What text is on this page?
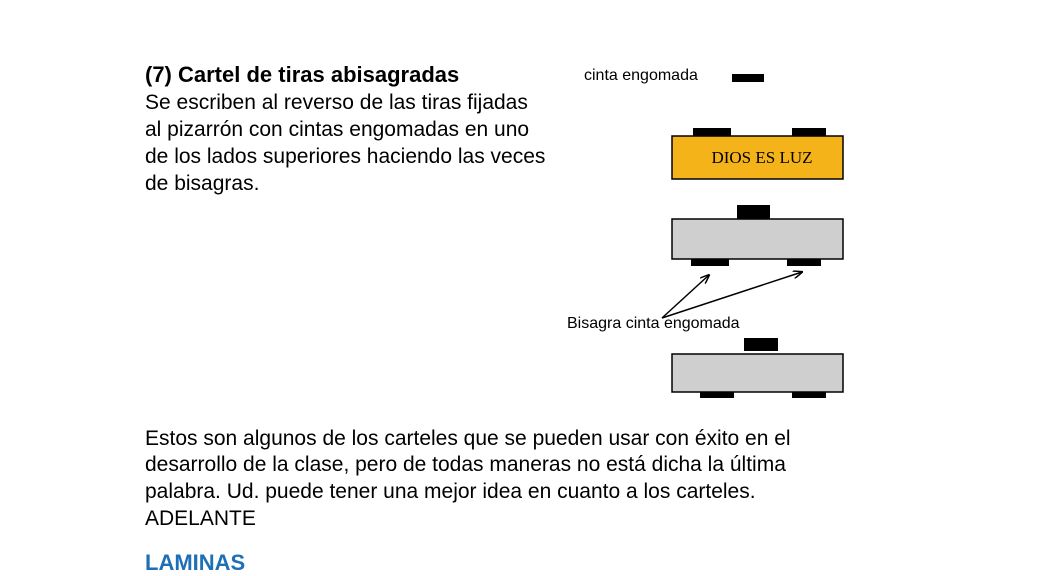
(7) Cartel de tiras abisagradas
Se escriben al reverso de las tiras fijadas
al pizarrón con cintas engomadas en uno
de los lados superiores haciendo las veces
de bisagras.
cinta engomada
DIOS ES LUZ
Bisagra cinta engomada
Estos son algunos de los carteles que se pueden usar con éxito en el
desarrollo de la clase, pero de todas maneras no está dicha la última
palabra. Ud. puede tener una mejor idea en cuanto a los carteles.
ADELANTE
LAMINAS
